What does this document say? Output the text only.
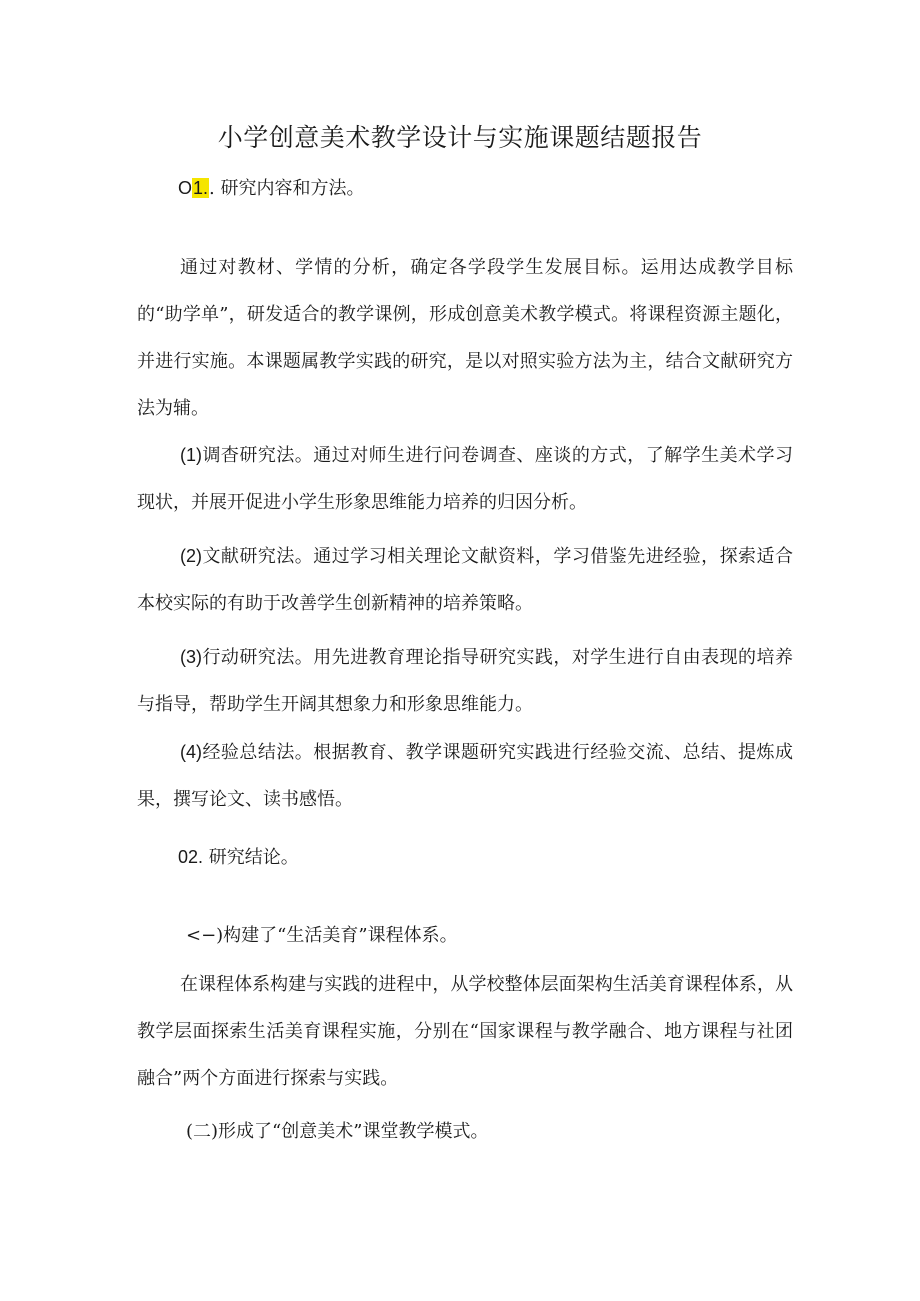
小学创意美术教学设计与实施课题结题报告

O1.. 研究内容和方法。

通过对教材、学情的分析，确定各学段学生发展目标。运用达成教学目标的“助学单”，研发适合的教学课例，形成创意美术教学模式。将课程资源主题化，并进行实施。本课题属教学实践的研究，是以对照实验方法为主，结合文献研究方法为辅。

(1)调杳研究法。通过对师生进行问卷调查、座谈的方式，了解学生美术学习现状，并展开促进小学生形象思维能力培养的归因分析。

(2)文献研究法。通过学习相关理论文献资料，学习借鉴先进经验，探索适合本校实际的有助于改善学生创新精神的培养策略。

(3)行动研究法。用先进教育理论指导研究实践，对学生进行自由表现的培养与指导，帮助学生开阔其想象力和形象思维能力。

(4)经验总结法。根据教育、教学课题研究实践进行经验交流、总结、提炼成果，撰写论文、读书感悟。

02. 研究结论。

<−)构建了“生活美育”课程体系。

在课程体系构建与实践的进程中，从学校整体层面架构生活美育课程体系，从教学层面探索生活美育课程实施，分别在“国家课程与教学融合、地方课程与社团融合”两个方面进行探索与实践。

(二)形成了“创意美术”课堂教学模式。
